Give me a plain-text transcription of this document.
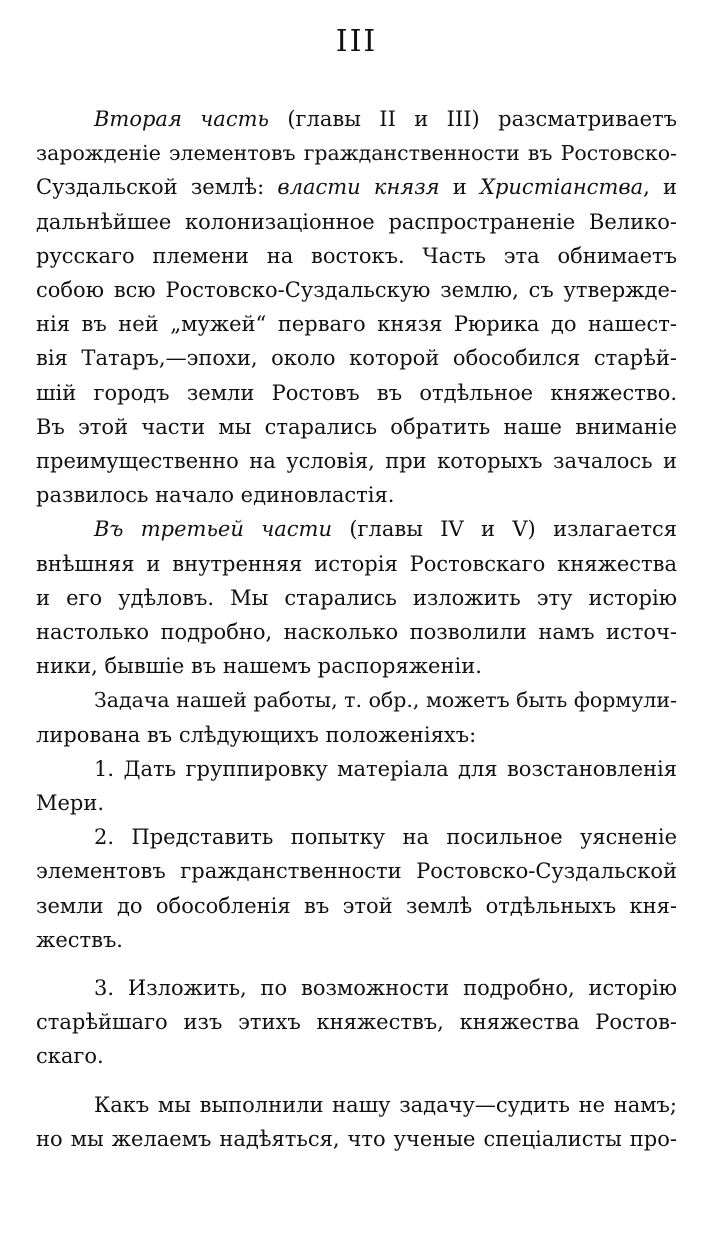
III
Вторая часть (главы II и III) разсматриваетъ
зарожденіе элементовъ гражданственности въ Ростовско-
Суздальской землѣ: власти князя и Христіанства, и
дальнѣйшее колонизаціонное распространеніе Велико-
русскаго племени на востокъ. Часть эта обнимаетъ
собою всю Ростовско-Суздальскую землю, съ утвержде-
нія въ ней „мужей“ перваго князя Рюрика до нашест-
вія Татаръ,—эпохи, около которой обособился старѣй-
шій городъ земли Ростовъ въ отдѣльное княжество.
Въ этой части мы старались обратить наше вниманіе
преимущественно на условія, при которыхъ зачалось и
развилось начало единовластія.
Въ третьей части (главы IV и V) излагается
внѣшняя и внутренняя исторія Ростовскаго княжества
и его удѣловъ. Мы старались изложить эту исторію
настолько подробно, насколько позволили намъ источ-
ники, бывшіе въ нашемъ распоряженіи.
Задача нашей работы, т. обр., можетъ быть формули-
лирована въ слѣдующихъ положеніяхъ:
1. Дать группировку матеріала для возстановленія
Мери.
2. Представить попытку на посильное уясненіе
элементовъ гражданственности Ростовско-Суздальской
земли до обособленія въ этой землѣ отдѣльныхъ кня-
жествъ.
3. Изложить, по возможности подробно, исторію
старѣйшаго изъ этихъ княжествъ, княжества Ростов-
скаго.
Какъ мы выполнили нашу задачу—судить не намъ;
но мы желаемъ надѣяться, что ученые спеціалисты про-
